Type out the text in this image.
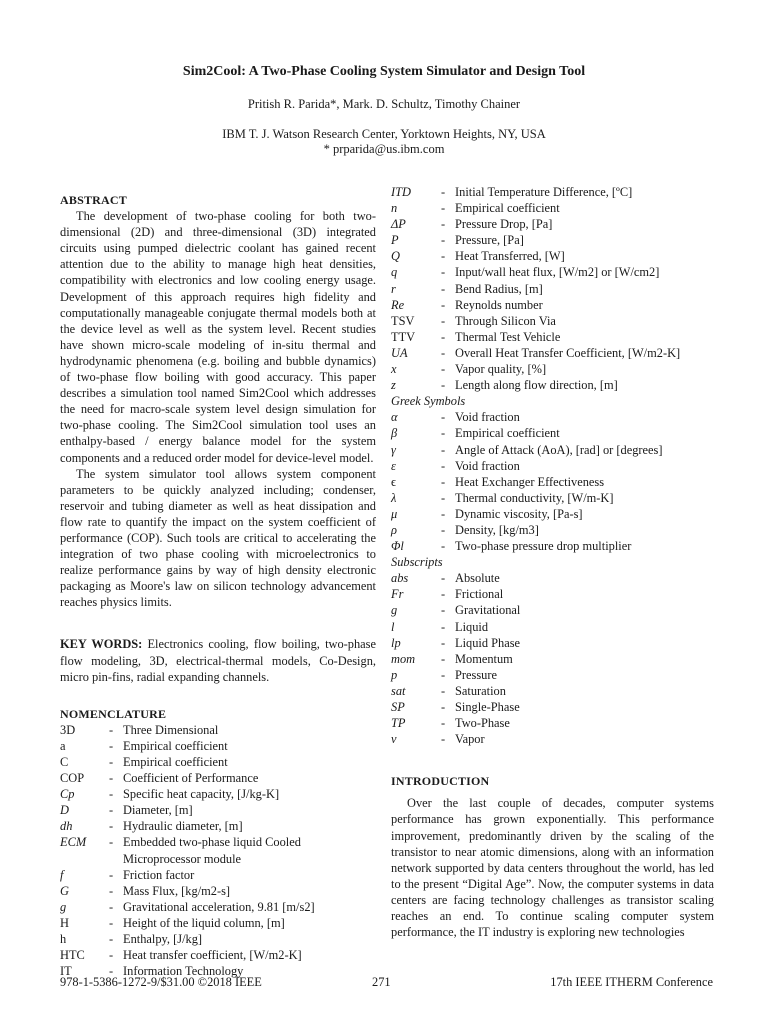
Sim2Cool: A Two-Phase Cooling System Simulator and Design Tool
Pritish R. Parida*, Mark. D. Schultz, Timothy Chainer
IBM T. J. Watson Research Center, Yorktown Heights, NY, USA
* prparida@us.ibm.com
ABSTRACT

The development of two-phase cooling for both two-dimensional (2D) and three-dimensional (3D) integrated circuits using pumped dielectric coolant has gained recent attention due to the ability to manage high heat densities, compatibility with electronics and low cooling energy usage. Development of this approach requires high fidelity and computationally manageable conjugate thermal models both at the device level as well as the system level. Recent studies have shown micro-scale modeling of in-situ thermal and hydrodynamic phenomena (e.g. boiling and bubble dynamics) of two-phase flow boiling with good accuracy. This paper describes a simulation tool named Sim2Cool which addresses the need for macro-scale system level design simulation for two-phase cooling. The Sim2Cool simulation tool uses an enthalpy-based / energy balance model for the system components and a reduced order model for device-level model.

The system simulator tool allows system component parameters to be quickly analyzed including; condenser, reservoir and tubing diameter as well as heat dissipation and flow rate to quantify the impact on the system coefficient of performance (COP). Such tools are critical to accelerating the integration of two phase cooling with microelectronics to realize performance gains by way of high density electronic packaging as Moore's law on silicon technology advancement reaches physics limits.

KEY WORDS: Electronics cooling, flow boiling, two-phase flow modeling, 3D, electrical-thermal models, Co-Design, micro pin-fins, radial expanding channels.

NOMENCLATURE
3D	- Three Dimensional
a	- Empirical coefficient
C	- Empirical coefficient
COP	- Coefficient of Performance
Cp	- Specific heat capacity, [J/kg-K]
D	- Diameter, [m]
dh	- Hydraulic diameter, [m]
ECM	- Embedded two-phase liquid Cooled
Microprocessor module
f	- Friction factor
G	- Mass Flux, [kg/m2-s]
g	- Gravitational acceleration, 9.81 [m/s2]
H	- Height of the liquid column, [m]
h	- Enthalpy, [J/kg]
HTC	- Heat transfer coefficient, [W/m2-K]
IT	- Information Technology
ITD	- Initial Temperature Difference, [ºC]
n	- Empirical coefficient
ΔP	- Pressure Drop, [Pa]
P	- Pressure, [Pa]
Q	- Heat Transferred, [W]
q	- Input/wall heat flux, [W/m2] or [W/cm2]
r	- Bend Radius, [m]
Re	- Reynolds number
TSV	- Through Silicon Via
TTV	- Thermal Test Vehicle
UA	- Overall Heat Transfer Coefficient, [W/m2-K]
x	- Vapor quality, [%]
z	- Length along flow direction, [m]
Greek Symbols
α	- Void fraction
β	- Empirical coefficient
γ	- Angle of Attack (AoA), [rad] or [degrees]
ε	- Void fraction
ϵ	- Heat Exchanger Effectiveness
λ	- Thermal conductivity, [W/m-K]
μ	- Dynamic viscosity, [Pa-s]
ρ	- Density, [kg/m3]
Φl	- Two-phase pressure drop multiplier
Subscripts
abs	- Absolute
Fr	- Frictional
g	- Gravitational
l	- Liquid
lp	- Liquid Phase
mom	- Momentum
p	- Pressure
sat	- Saturation
SP	- Single-Phase
TP	- Two-Phase
v	- Vapor
INTRODUCTION

Over the last couple of decades, computer systems performance has grown exponentially. This performance improvement, predominantly driven by the scaling of the transistor to near atomic dimensions, along with an information network supported by data centers throughout the world, has led to the present “Digital Age”. Now, the computer systems in data centers are facing technology challenges as transistor scaling reaches an end. To continue scaling computer system performance, the IT industry is exploring new technologies

978-1-5386-1272-9/$31.00 ©2018 IEEE	271	17th IEEE ITHERM Conference
